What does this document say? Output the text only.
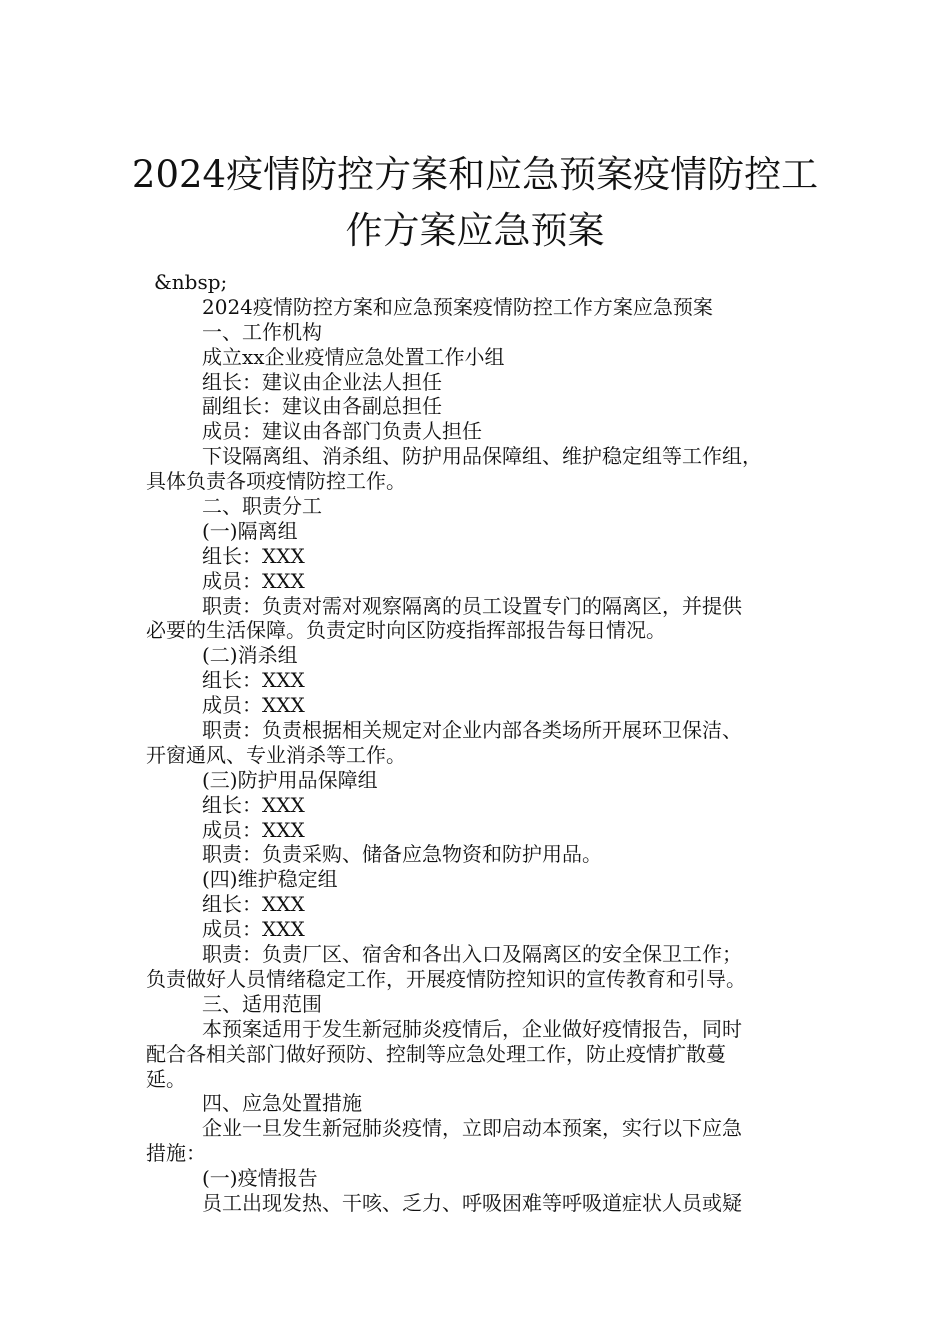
2024疫情防控方案和应急预案疫情防控工
作方案应急预案
&nbsp;
2024疫情防控方案和应急预案疫情防控工作方案应急预案
一、工作机构
成立xx企业疫情应急处置工作小组
组长：建议由企业法人担任
副组长：建议由各副总担任
成员：建议由各部门负责人担任
下设隔离组、消杀组、防护用品保障组、维护稳定组等工作组，
具体负责各项疫情防控工作。
二、职责分工
(一)隔离组
组长：XXX
成员：XXX
职责：负责对需对观察隔离的员工设置专门的隔离区，并提供
必要的生活保障。负责定时向区防疫指挥部报告每日情况。
(二)消杀组
组长：XXX
成员：XXX
职责：负责根据相关规定对企业内部各类场所开展环卫保洁、
开窗通风、专业消杀等工作。
(三)防护用品保障组
组长：XXX
成员：XXX
职责：负责采购、储备应急物资和防护用品。
(四)维护稳定组
组长：XXX
成员：XXX
职责：负责厂区、宿舍和各出入口及隔离区的安全保卫工作；
负责做好人员情绪稳定工作，开展疫情防控知识的宣传教育和引导。
三、适用范围
本预案适用于发生新冠肺炎疫情后，企业做好疫情报告，同时
配合各相关部门做好预防、控制等应急处理工作，防止疫情扩散蔓
延。
四、应急处置措施
企业一旦发生新冠肺炎疫情，立即启动本预案，实行以下应急
措施：
(一)疫情报告
员工出现发热、干咳、乏力、呼吸困难等呼吸道症状人员或疑
